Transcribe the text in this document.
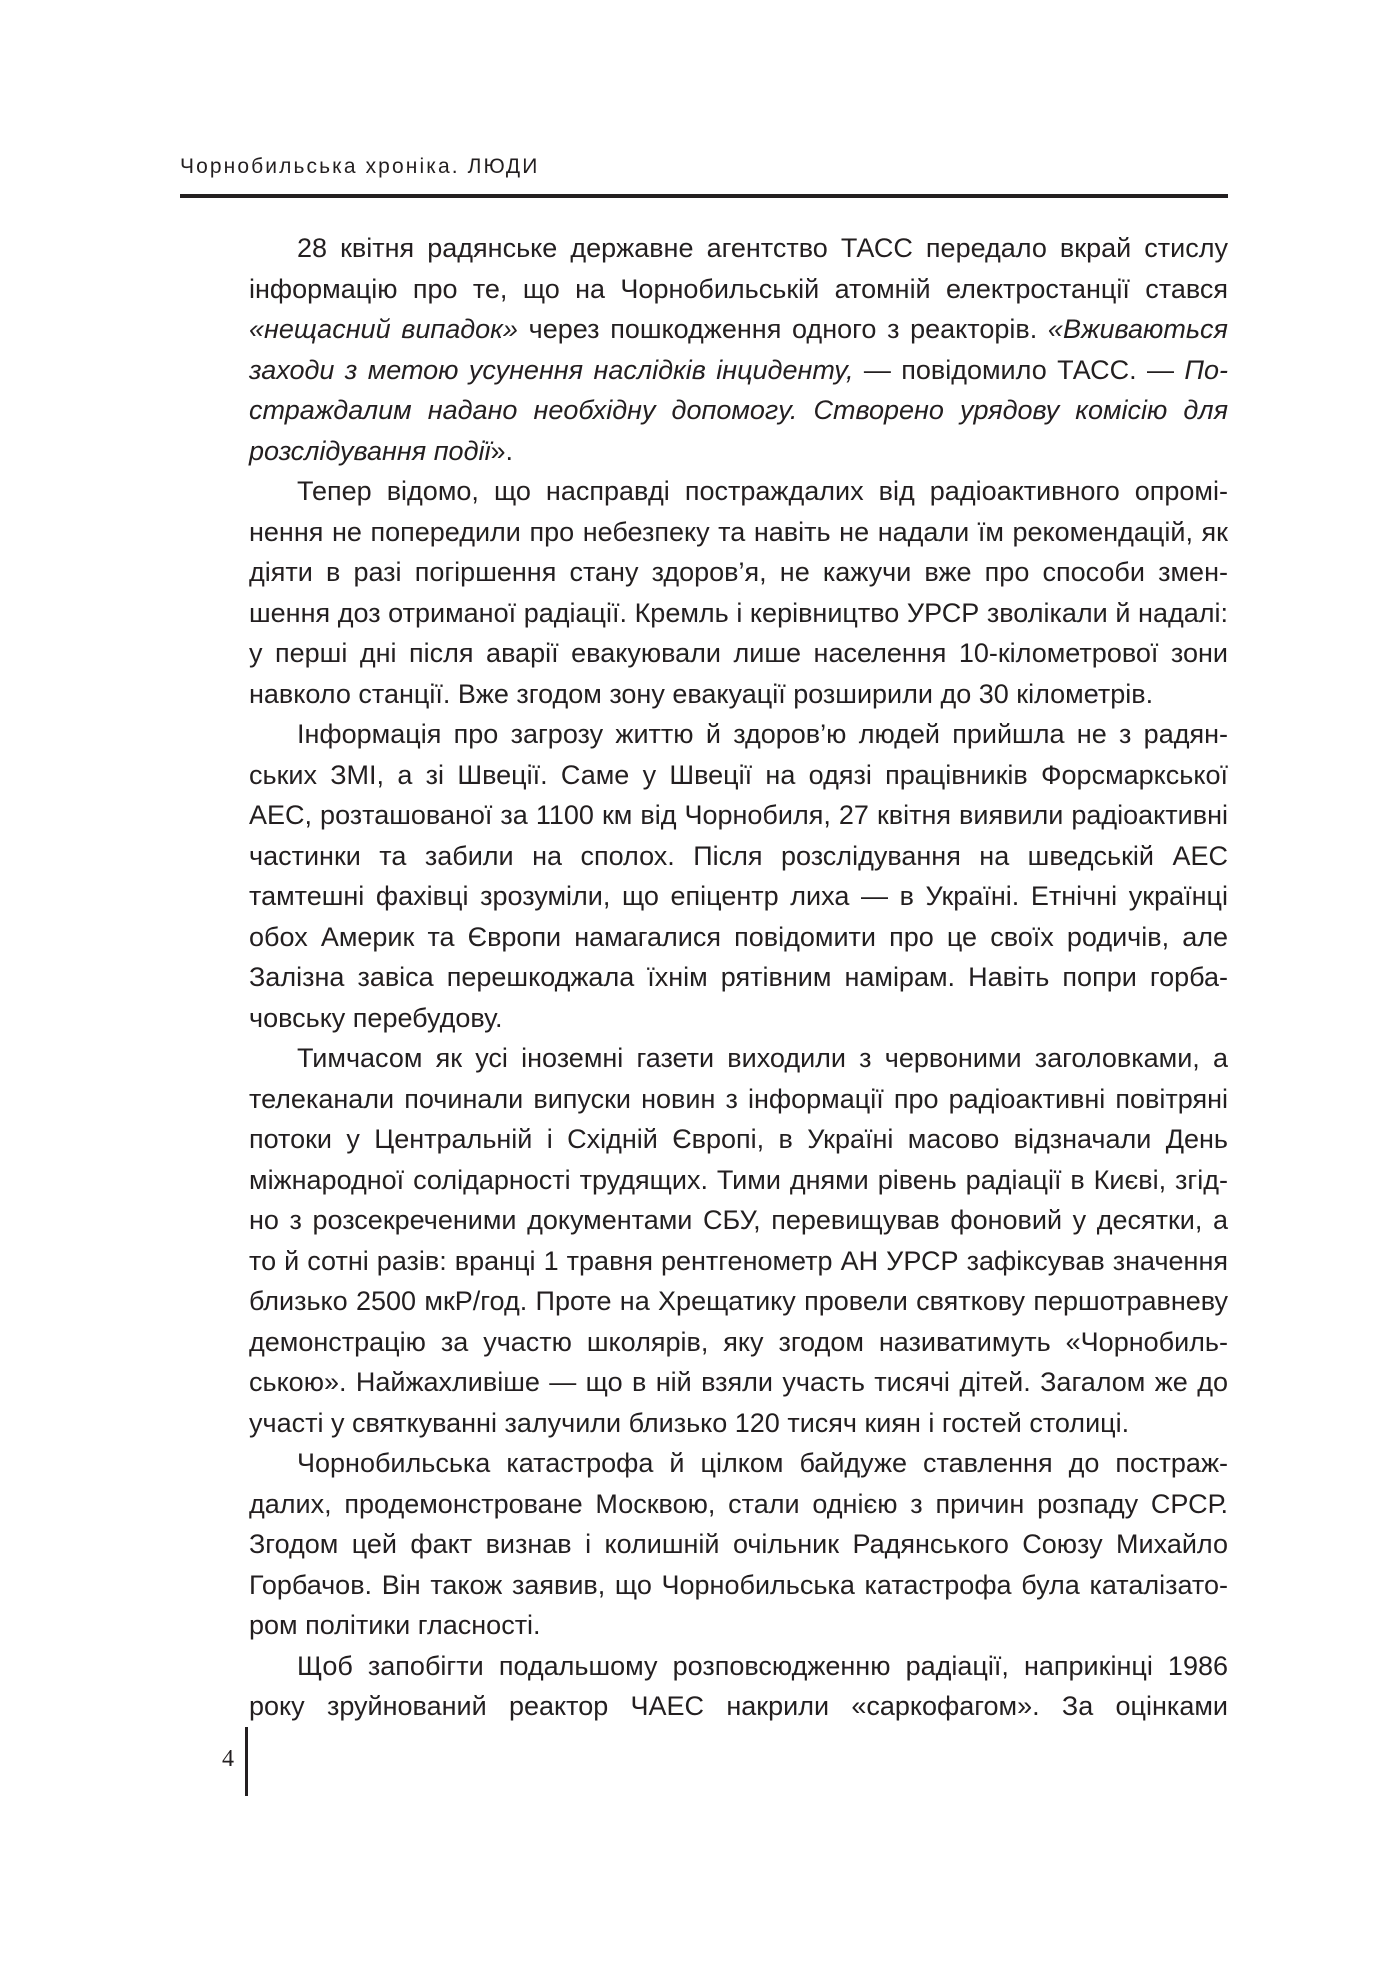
Чорнобильська хроніка. ЛЮДИ

28 квітня радянське державне агентство ТАСС передало вкрай стислу інформацію про те, що на Чорнобильській атомній електростанції стався «нещасний випадок» через пошкодження одного з реакторів. «Вживаються заходи з метою усунення наслідків інциденту, — повідомило ТАСС. — Постраждалим надано необхідну допомогу. Створено урядову комісію для розслідування події».

Тепер відомо, що насправді постраждалих від радіоактивного опромінення не попередили про небезпеку та навіть не надали їм рекомендацій, як діяти в разі погіршення стану здоров’я, не кажучи вже про способи зменшення доз отриманої радіації. Кремль і керівництво УРСР зволікали й надалі: у перші дні після аварії евакуювали лише населення 10-кілометрової зони навколо станції. Вже згодом зону евакуації розширили до 30 кілометрів.

Інформація про загрозу життю й здоров’ю людей прийшла не з радянських ЗМІ, а зі Швеції. Саме у Швеції на одязі працівників Форсмаркської АЕС, розташованої за 1100 км від Чорнобиля, 27 квітня виявили радіоактивні частинки та забили на сполох. Після розслідування на шведській АЕС тамтешні фахівці зрозуміли, що епіцентр лиха — в Україні. Етнічні українці обох Америк та Європи намагалися повідомити про це своїх родичів, але Залізна завіса перешкоджала їхнім рятівним намірам. Навіть попри горбачовську перебудову.

Тимчасом як усі іноземні газети виходили з червоними заголовками, а телеканали починали випуски новин з інформації про радіоактивні повітряні потоки у Центральній і Східній Європі, в Україні масово відзначали День міжнародної солідарності трудящих. Тими днями рівень радіації в Києві, згідно з розсекреченими документами СБУ, перевищував фоновий у десятки, а то й сотні разів: вранці 1 травня рентгенометр АН УРСР зафіксував значення близько 2500 мкР/год. Проте на Хрещатику провели святкову першотравневу демонстрацію за участю школярів, яку згодом називатимуть «Чорнобильською». Найжахливіше — що в ній взяли участь тисячі дітей. Загалом же до участі у святкуванні залучили близько 120 тисяч киян і гостей столиці.

Чорнобильська катастрофа й цілком байдуже ставлення до постраждалих, продемонстроване Москвою, стали однією з причин розпаду СРСР. Згодом цей факт визнав і колишній очільник Радянського Союзу Михайло Горбачов. Він також заявив, що Чорнобильська катастрофа була каталізатором політики гласності.

Щоб запобігти подальшому розповсюдженню радіації, наприкінці 1986 року зруйнований реактор ЧАЕС накрили «саркофагом». За оцінками

4
